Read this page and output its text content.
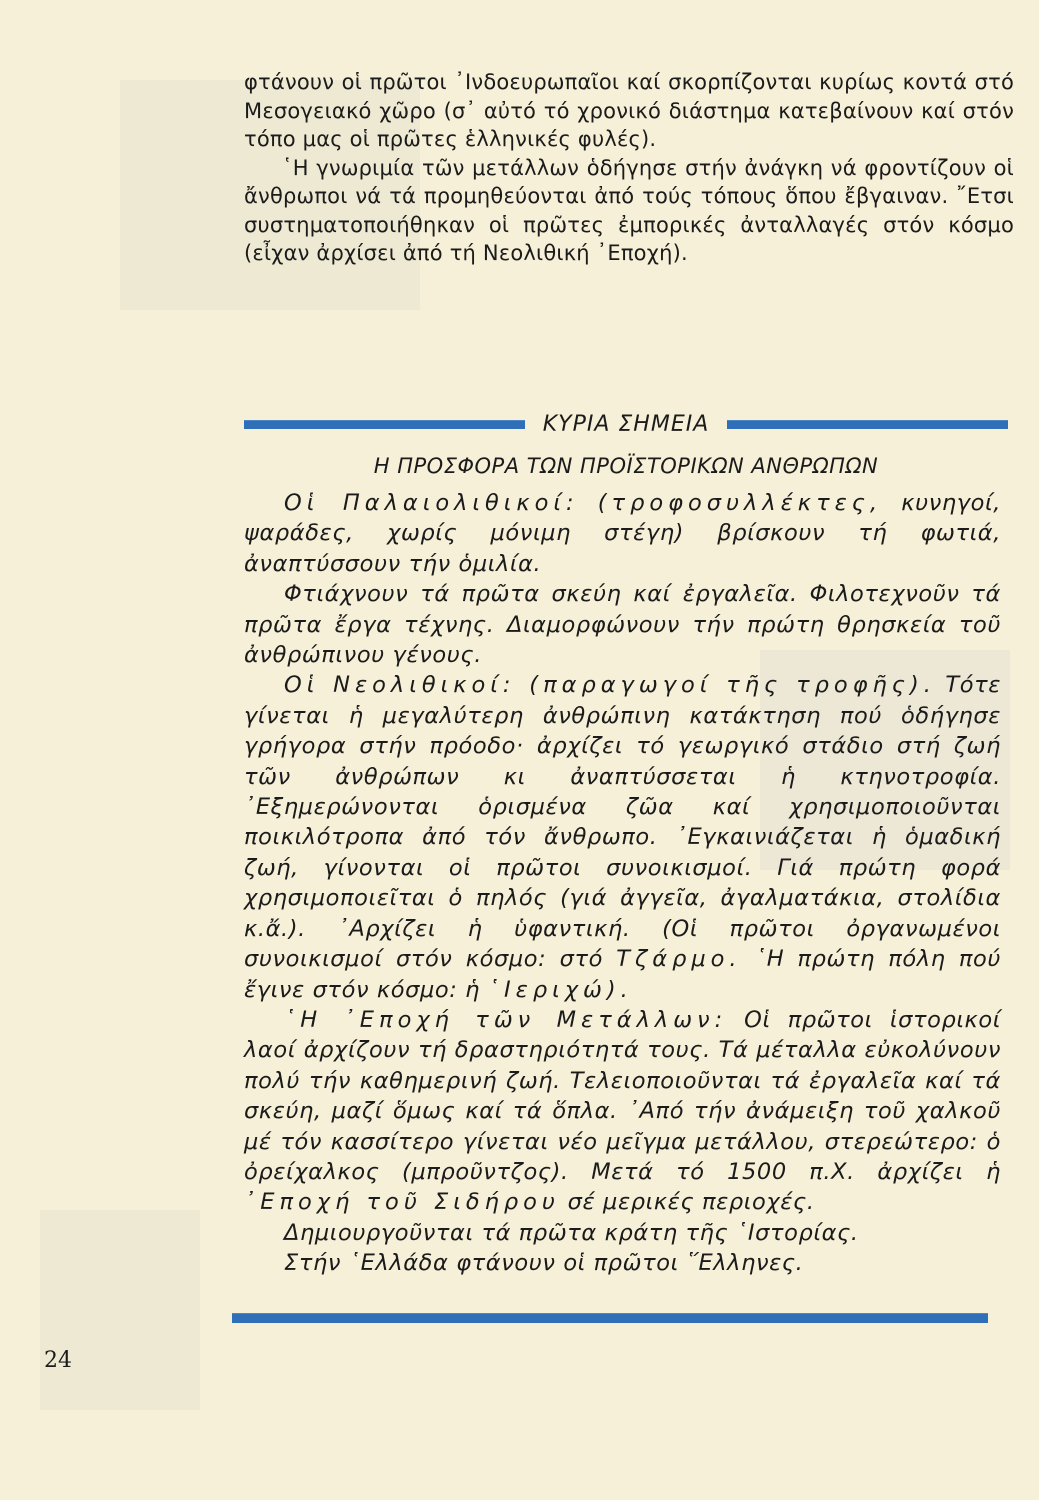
φτάνουν οἱ πρῶτοι ᾿Ινδοευρωπαῖοι καί σκορπίζονται κυρίως κοντά στό Μεσογειακό χῶρο (σ᾿ αὐτό τό χρονικό διάστημα κατεβαίνουν καί στόν τόπο μας οἱ πρῶτες ἑλληνικές φυλές).

῾Η γνωριμία τῶν μετάλλων ὁδήγησε στήν ἀνάγκη νά φροντίζουν οἱ ἄνθρωποι νά τά προμηθεύονται ἀπό τούς τόπους ὅπου ἔβγαιναν. ῎Ετσι συστηματοποιήθηκαν οἱ πρῶτες ἐμπορικές ἀνταλλαγές στόν κόσμο (εἶχαν ἀρχίσει ἀπό τή Νεολιθική ᾿Εποχή).

ΚΥΡΙΑ ΣΗΜΕΙΑ
Η ΠΡΟΣΦΟΡΑ ΤΩΝ ΠΡΟΪΣΤΟΡΙΚΩΝ ΑΝΘΡΩΠΩΝ

Οἱ Παλαιολιθικοί: (τροφοσυλλέκτες, κυνηγοί, ψαράδες, χωρίς μόνιμη στέγη) βρίσκουν τή φωτιά, ἀναπτύσσουν τήν ὁμιλία.

Φτιάχνουν τά πρῶτα σκεύη καί ἐργαλεῖα. Φιλοτεχνοῦν τά πρῶτα ἔργα τέχνης. Διαμορφώνουν τήν πρώτη θρησκεία τοῦ ἀνθρώπινου γένους.

Οἱ Νεολιθικοί: (παραγωγοί τῆς τροφῆς). Τότε γίνεται ἡ μεγαλύτερη ἀνθρώπινη κατάκτηση πού ὁδήγησε γρήγορα στήν πρόοδο· ἀρχίζει τό γεωργικό στάδιο στή ζωή τῶν ἀνθρώπων κι ἀναπτύσσεται ἡ κτηνοτροφία. ᾿Εξημερώνονται ὁρισμένα ζῶα καί χρησιμοποιοῦνται ποικιλότροπα ἀπό τόν ἄνθρωπο. ᾿Εγκαινιάζεται ἡ ὁμαδική ζωή, γίνονται οἱ πρῶτοι συνοικισμοί. Γιά πρώτη φορά χρησιμοποιεῖται ὁ πηλός (γιά ἀγγεῖα, ἀγαλματάκια, στολίδια κ.ἄ.). ᾿Αρχίζει ἡ ὑφαντική. (Οἱ πρῶτοι ὀργανωμένοι συνοικισμοί στόν κόσμο: στό Τζάρμο. ῾Η πρώτη πόλη πού ἔγινε στόν κόσμο: ἡ ῾Ιεριχώ).

῾Η ᾿Εποχή τῶν Μετάλλων: Οἱ πρῶτοι ἱστορικοί λαοί ἀρχίζουν τή δραστηριότητά τους. Τά μέταλλα εὐκολύνουν πολύ τήν καθημερινή ζωή. Τελειοποιοῦνται τά ἐργαλεῖα καί τά σκεύη, μαζί ὅμως καί τά ὅπλα. ᾿Από τήν ἀνάμειξη τοῦ χαλκοῦ μέ τόν κασσίτερο γίνεται νέο μεῖγμα μετάλλου, στερεώτερο: ὁ ὀρείχαλκος (μπροῦντζος). Μετά τό 1500 π.Χ. ἀρχίζει ἡ ᾿Εποχή τοῦ Σιδήρου σέ μερικές περιοχές.

Δημιουργοῦνται τά πρῶτα κράτη τῆς ῾Ιστορίας.

Στήν ῾Ελλάδα φτάνουν οἱ πρῶτοι ῞Ελληνες.

24
